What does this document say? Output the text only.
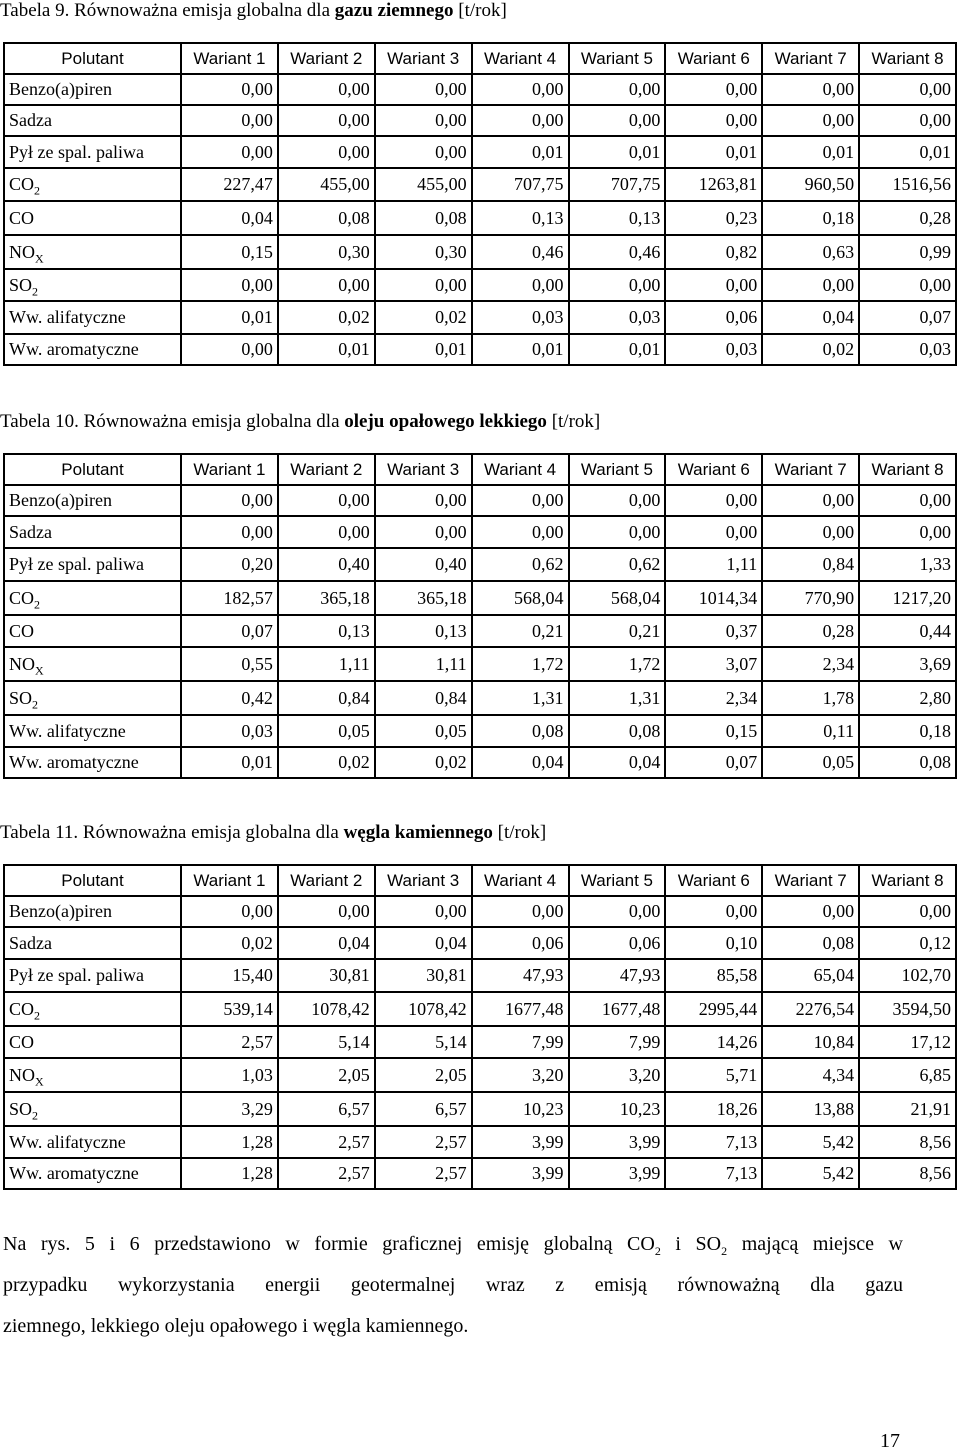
Tabela 9. Równoważna emisja globalna dla gazu ziemnego [t/rok]
Polutant	Wariant 1	Wariant 2	Wariant 3	Wariant 4	Wariant 5	Wariant 6	Wariant 7	Wariant 8
Benzo(a)piren	0,00	0,00	0,00	0,00	0,00	0,00	0,00	0,00
Sadza	0,00	0,00	0,00	0,00	0,00	0,00	0,00	0,00
Pył ze spal. paliwa	0,00	0,00	0,00	0,01	0,01	0,01	0,01	0,01
$CO_2$	227,47	455,00	455,00	707,75	707,75	1263,81	960,50	1516,56
CO	0,04	0,08	0,08	0,13	0,13	0,23	0,18	0,28
$NO_X$	0,15	0,30	0,30	0,46	0,46	0,82	0,63	0,99
$SO_2$	0,00	0,00	0,00	0,00	0,00	0,00	0,00	0,00
Ww. alifatyczne	0,01	0,02	0,02	0,03	0,03	0,06	0,04	0,07
Ww. aromatyczne	0,00	0,01	0,01	0,01	0,01	0,03	0,02	0,03
Tabela 10. Równoważna emisja globalna dla oleju opałowego lekkiego [t/rok]
Polutant	Wariant 1	Wariant 2	Wariant 3	Wariant 4	Wariant 5	Wariant 6	Wariant 7	Wariant 8
Benzo(a)piren	0,00	0,00	0,00	0,00	0,00	0,00	0,00	0,00
Sadza	0,00	0,00	0,00	0,00	0,00	0,00	0,00	0,00
Pył ze spal. paliwa	0,20	0,40	0,40	0,62	0,62	1,11	0,84	1,33
$CO_2$	182,57	365,18	365,18	568,04	568,04	1014,34	770,90	1217,20
CO	0,07	0,13	0,13	0,21	0,21	0,37	0,28	0,44
$NO_X$	0,55	1,11	1,11	1,72	1,72	3,07	2,34	3,69
$SO_2$	0,42	0,84	0,84	1,31	1,31	2,34	1,78	2,80
Ww. alifatyczne	0,03	0,05	0,05	0,08	0,08	0,15	0,11	0,18
Ww. aromatyczne	0,01	0,02	0,02	0,04	0,04	0,07	0,05	0,08
Tabela 11. Równoważna emisja globalna dla węgla kamiennego [t/rok]
Polutant	Wariant 1	Wariant 2	Wariant 3	Wariant 4	Wariant 5	Wariant 6	Wariant 7	Wariant 8
Benzo(a)piren	0,00	0,00	0,00	0,00	0,00	0,00	0,00	0,00
Sadza	0,02	0,04	0,04	0,06	0,06	0,10	0,08	0,12
Pył ze spal. paliwa	15,40	30,81	30,81	47,93	47,93	85,58	65,04	102,70
$CO_2$	539,14	1078,42	1078,42	1677,48	1677,48	2995,44	2276,54	3594,50
CO	2,57	5,14	5,14	7,99	7,99	14,26	10,84	17,12
$NO_X$	1,03	2,05	2,05	3,20	3,20	5,71	4,34	6,85
$SO_2$	3,29	6,57	6,57	10,23	10,23	18,26	13,88	21,91
Ww. alifatyczne	1,28	2,57	2,57	3,99	3,99	7,13	5,42	8,56
Ww. aromatyczne	1,28	2,57	2,57	3,99	3,99	7,13	5,42	8,56
Na rys. 5 i 6 przedstawiono w formie graficznej emisję globalną $CO_2$ i $SO_2$ mającą miejsce w
przypadku wykorzystania energii geotermalnej wraz z emisją równoważną dla gazu
ziemnego, lekkiego oleju opałowego i węgla kamiennego.
17
